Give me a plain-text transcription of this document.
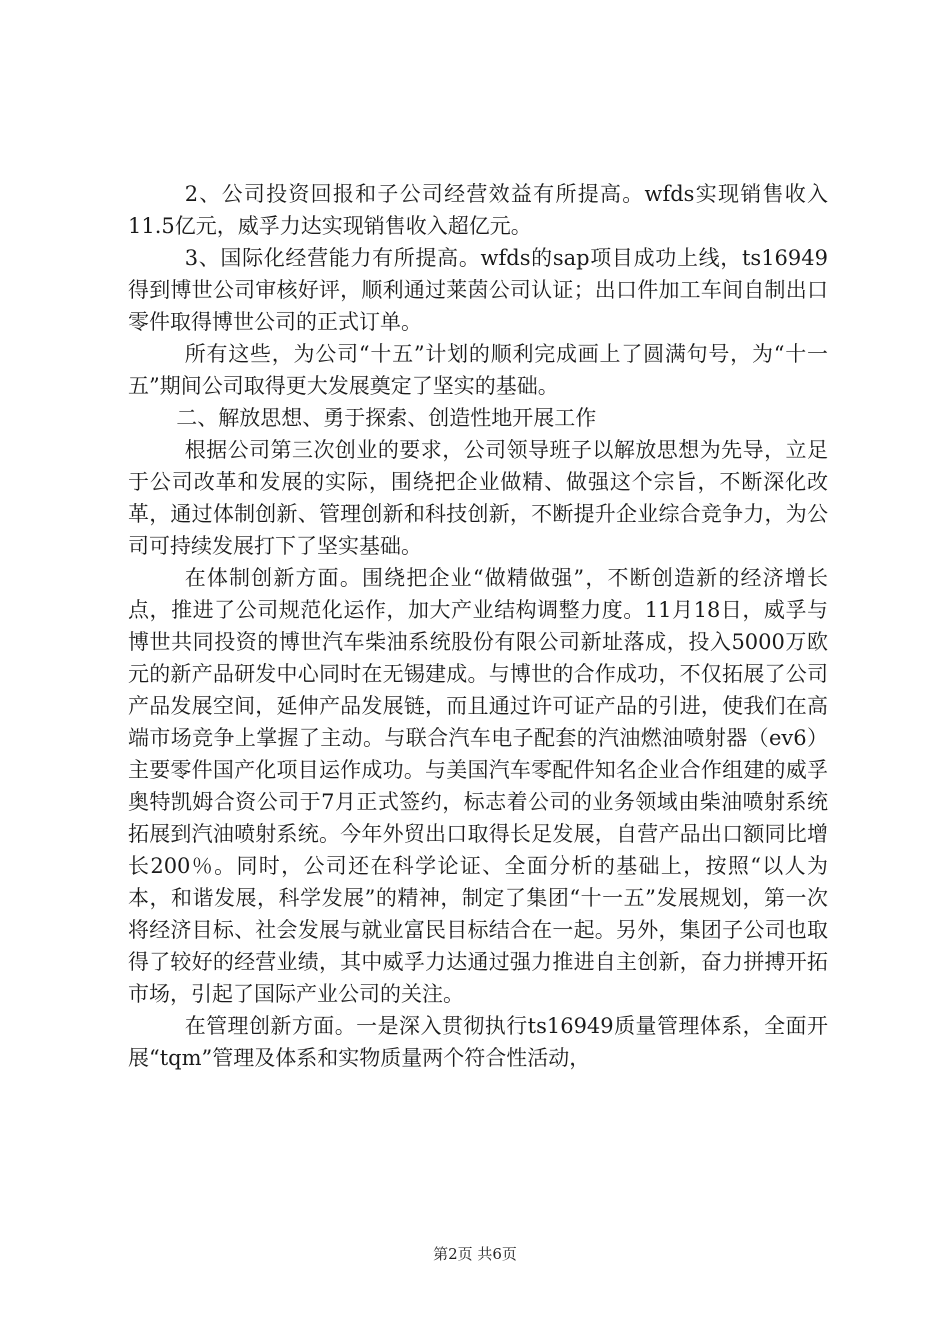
2、公司投资回报和子公司经营效益有所提高。wfds实现销售收入11.5亿元，威孚力达实现销售收入超亿元。

3、国际化经营能力有所提高。wfds的sap项目成功上线，ts16949得到博世公司审核好评，顺利通过莱茵公司认证；出口件加工车间自制出口零件取得博世公司的正式订单。

所有这些，为公司“十五”计划的顺利完成画上了圆满句号，为“十一五”期间公司取得更大发展奠定了坚实的基础。

二、解放思想、勇于探索、创造性地开展工作

根据公司第三次创业的要求，公司领导班子以解放思想为先导，立足于公司改革和发展的实际，围绕把企业做精、做强这个宗旨，不断深化改革，通过体制创新、管理创新和科技创新，不断提升企业综合竞争力，为公司可持续发展打下了坚实基础。

在体制创新方面。围绕把企业“做精做强”，不断创造新的经济增长点，推进了公司规范化运作，加大产业结构调整力度。11月18日，威孚与博世共同投资的博世汽车柴油系统股份有限公司新址落成，投入5000万欧元的新产品研发中心同时在无锡建成。与博世的合作成功，不仅拓展了公司产品发展空间，延伸产品发展链，而且通过许可证产品的引进，使我们在高端市场竞争上掌握了主动。与联合汽车电子配套的汽油燃油喷射器（ev6）主要零件国产化项目运作成功。与美国汽车零配件知名企业合作组建的威孚奥特凯姆合资公司于7月正式签约，标志着公司的业务领域由柴油喷射系统拓展到汽油喷射系统。今年外贸出口取得长足发展，自营产品出口额同比增长200％。同时，公司还在科学论证、全面分析的基础上，按照“以人为本，和谐发展，科学发展”的精神，制定了集团“十一五”发展规划，第一次将经济目标、社会发展与就业富民目标结合在一起。另外，集团子公司也取得了较好的经营业绩，其中威孚力达通过强力推进自主创新，奋力拼搏开拓市场，引起了国际产业公司的关注。

在管理创新方面。一是深入贯彻执行ts16949质量管理体系，全面开展“tqm”管理及体系和实物质量两个符合性活动，

第2页 共6页
